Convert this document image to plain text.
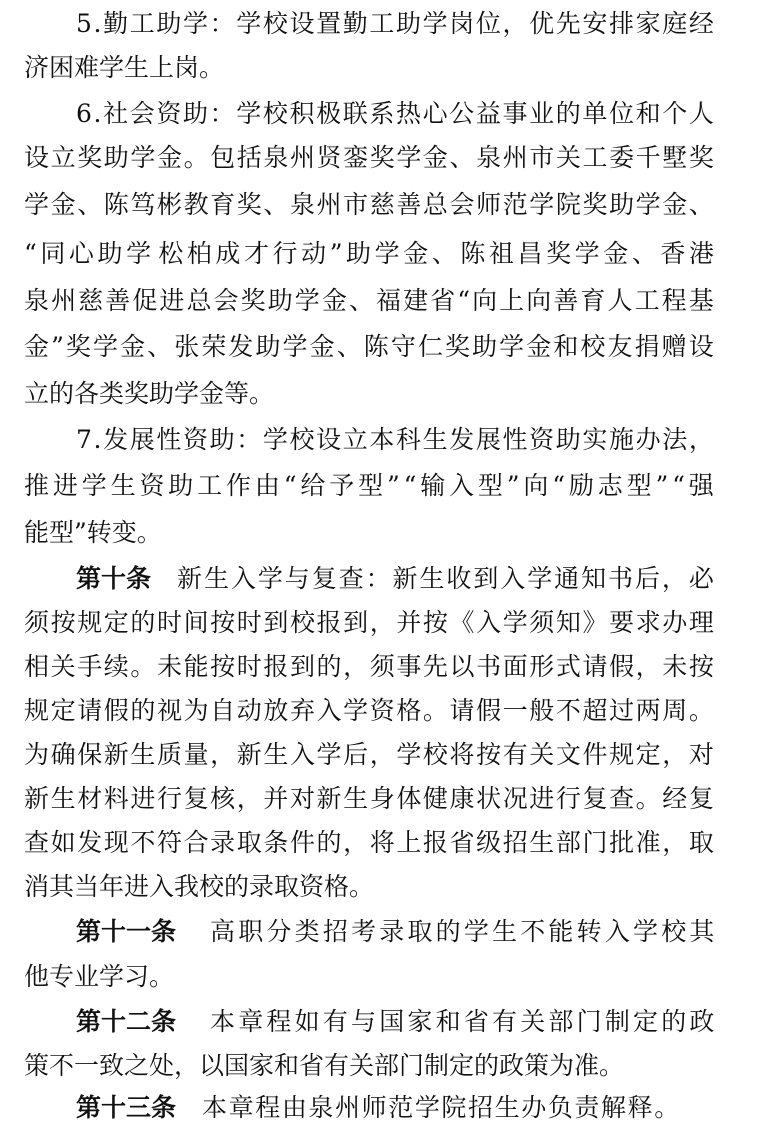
5 . 勤 工 助 学 ： 学 校 设 置 勤 工 助 学 岗 位 ， 优 先 安 排 家 庭 经
济困难学生上岗。
6 . 社 会 资 助 ： 学 校 积 极 联 系 热 心 公 益 事 业 的 单 位 和 个 人
设 立 奖 助 学 金 。 包 括 泉 州 贤 銮 奖 学 金 、 泉 州 市 关 工 委 千 墅 奖
学 金 、 陈 笃 彬 教 育 奖 、 泉 州 市 慈 善 总 会 师 范 学 院 奖 助 学 金 、
“ 同 心 助 学 松 柏 成 才 行 动 ” 助 学 金 、 陈 祖 昌 奖 学 金 、 香 港
泉 州 慈 善 促 进 总 会 奖 助 学 金 、 福 建 省 “ 向 上 向 善 育 人 工 程 基
金 ” 奖 学 金 、 张 荣 发 助 学 金 、 陈 守 仁 奖 助 学 金 和 校 友 捐 赠 设
立的各类奖助学金等。
7 . 发 展 性 资 助 ： 学 校 设 立 本 科 生 发 展 性 资 助 实 施 办 法 ，
推 进 学 生 资 助 工 作 由 “ 给 予 型 ” “ 输 入 型 ” 向 “ 励 志 型 ” “ 强
能型”转变。
第十条 新 生 入 学 与 复 查 ： 新 生 收 到 入 学 通 知 书 后 ， 必
须 按 规 定 的 时 间 按 时 到 校 报 到 ， 并 按 《 入 学 须 知 》 要 求 办 理
相 关 手 续 。 未 能 按 时 报 到 的 ， 须 事 先 以 书 面 形 式 请 假 ， 未 按
规 定 请 假 的 视 为 自 动 放 弃 入 学 资 格 。 请 假 一 般 不 超 过 两 周 。
为 确 保 新 生 质 量 ， 新 生 入 学 后 ， 学 校 将 按 有 关 文 件 规 定 ， 对
新 生 材 料 进 行 复 核 ， 并 对 新 生 身 体 健 康 状 况 进 行 复 查 。 经 复
查 如 发 现 不 符 合 录 取 条 件 的 ， 将 上 报 省 级 招 生 部 门 批 准 ， 取
消其当年进入我校的录取资格。
第十一条 高职分类招考录取的学生不能转入学校其
他专业学习。
第十二条 本章程如有与国家和省有关部门制定的政
策不一致之处，以国家和省有关部门制定的政策为准。
第十三条 本章程由泉州师范学院招生办负责解释。
